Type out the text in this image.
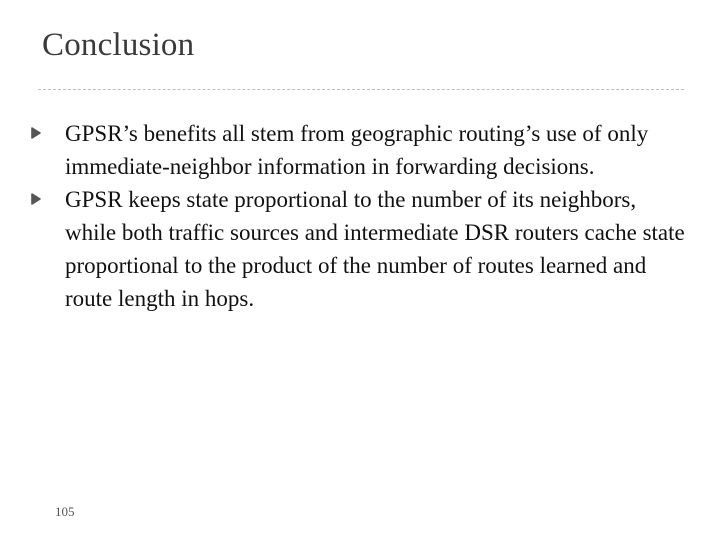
Conclusion
GPSR’s benefits all stem from geographic routing’s use of only immediate-neighbor information in forwarding decisions.
GPSR keeps state proportional to the number of its neighbors, while both traffic sources and intermediate DSR routers cache state proportional to the product of the number of routes learned and route length in hops.
105
